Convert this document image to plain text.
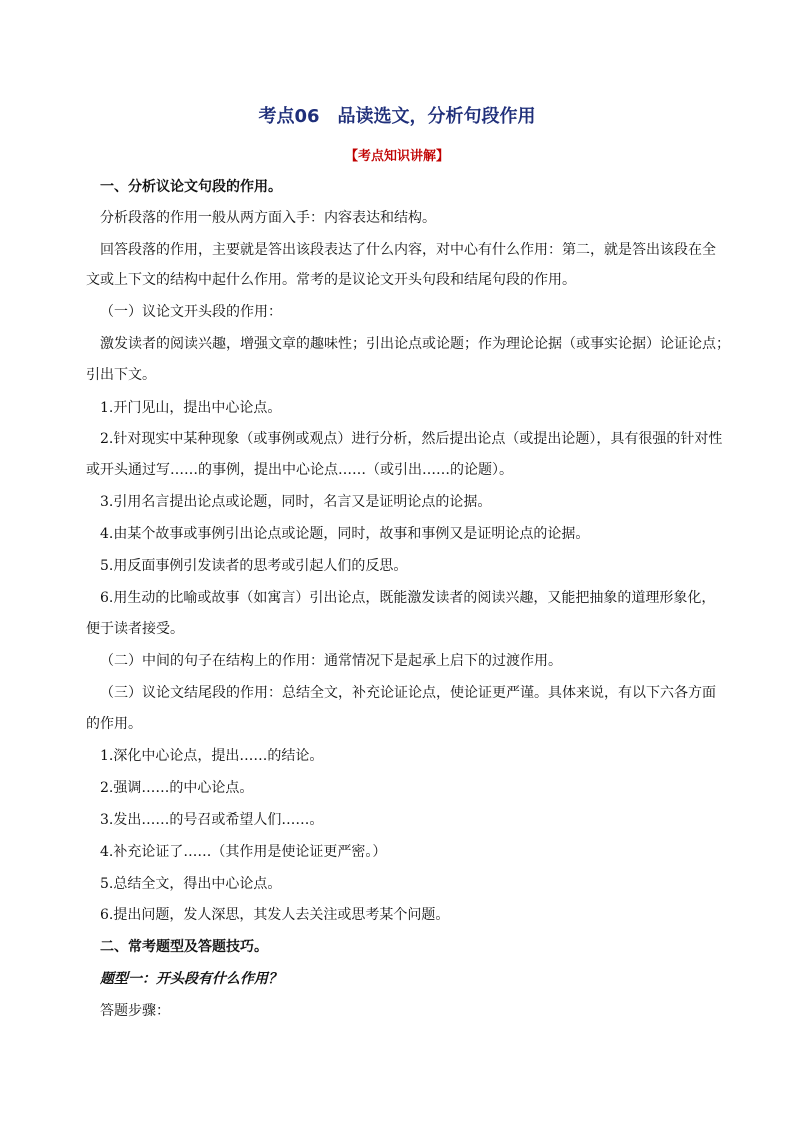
考点06　品读选文，分析句段作用
【考点知识讲解】
一、分析议论文句段的作用。
分析段落的作用一般从两方面入手：内容表达和结构。
回答段落的作用，主要就是答出该段表达了什么内容，对中心有什么作用：第二，就是答出该段在全
文或上下文的结构中起什么作用。常考的是议论文开头句段和结尾句段的作用。
（一）议论文开头段的作用：
激发读者的阅读兴趣，增强文章的趣味性；引出论点或论题；作为理论论据（或事实论据）论证论点；
引出下文。
1.开门见山，提出中心论点。
2.针对现实中某种现象（或事例或观点）进行分析，然后提出论点（或提出论题），具有很强的针对性
或开头通过写……的事例，提出中心论点……（或引出……的论题）。
3.引用名言提出论点或论题，同时，名言又是证明论点的论据。
4.由某个故事或事例引出论点或论题，同时，故事和事例又是证明论点的论据。
5.用反面事例引发读者的思考或引起人们的反思。
6.用生动的比喻或故事（如寓言）引出论点，既能激发读者的阅读兴趣，又能把抽象的道理形象化，
便于读者接受。
（二）中间的句子在结构上的作用：通常情况下是起承上启下的过渡作用。
（三）议论文结尾段的作用：总结全文，补充论证论点，使论证更严谨。具体来说，有以下六各方面
的作用。
1.深化中心论点，提出……的结论。
2.强调……的中心论点。
3.发出……的号召或希望人们……。
4.补充论证了……（其作用是使论证更严密。）
5.总结全文，得出中心论点。
6.提出问题，发人深思，其发人去关注或思考某个问题。
二、常考题型及答题技巧。
题型一：开头段有什么作用？
答题步骤：
